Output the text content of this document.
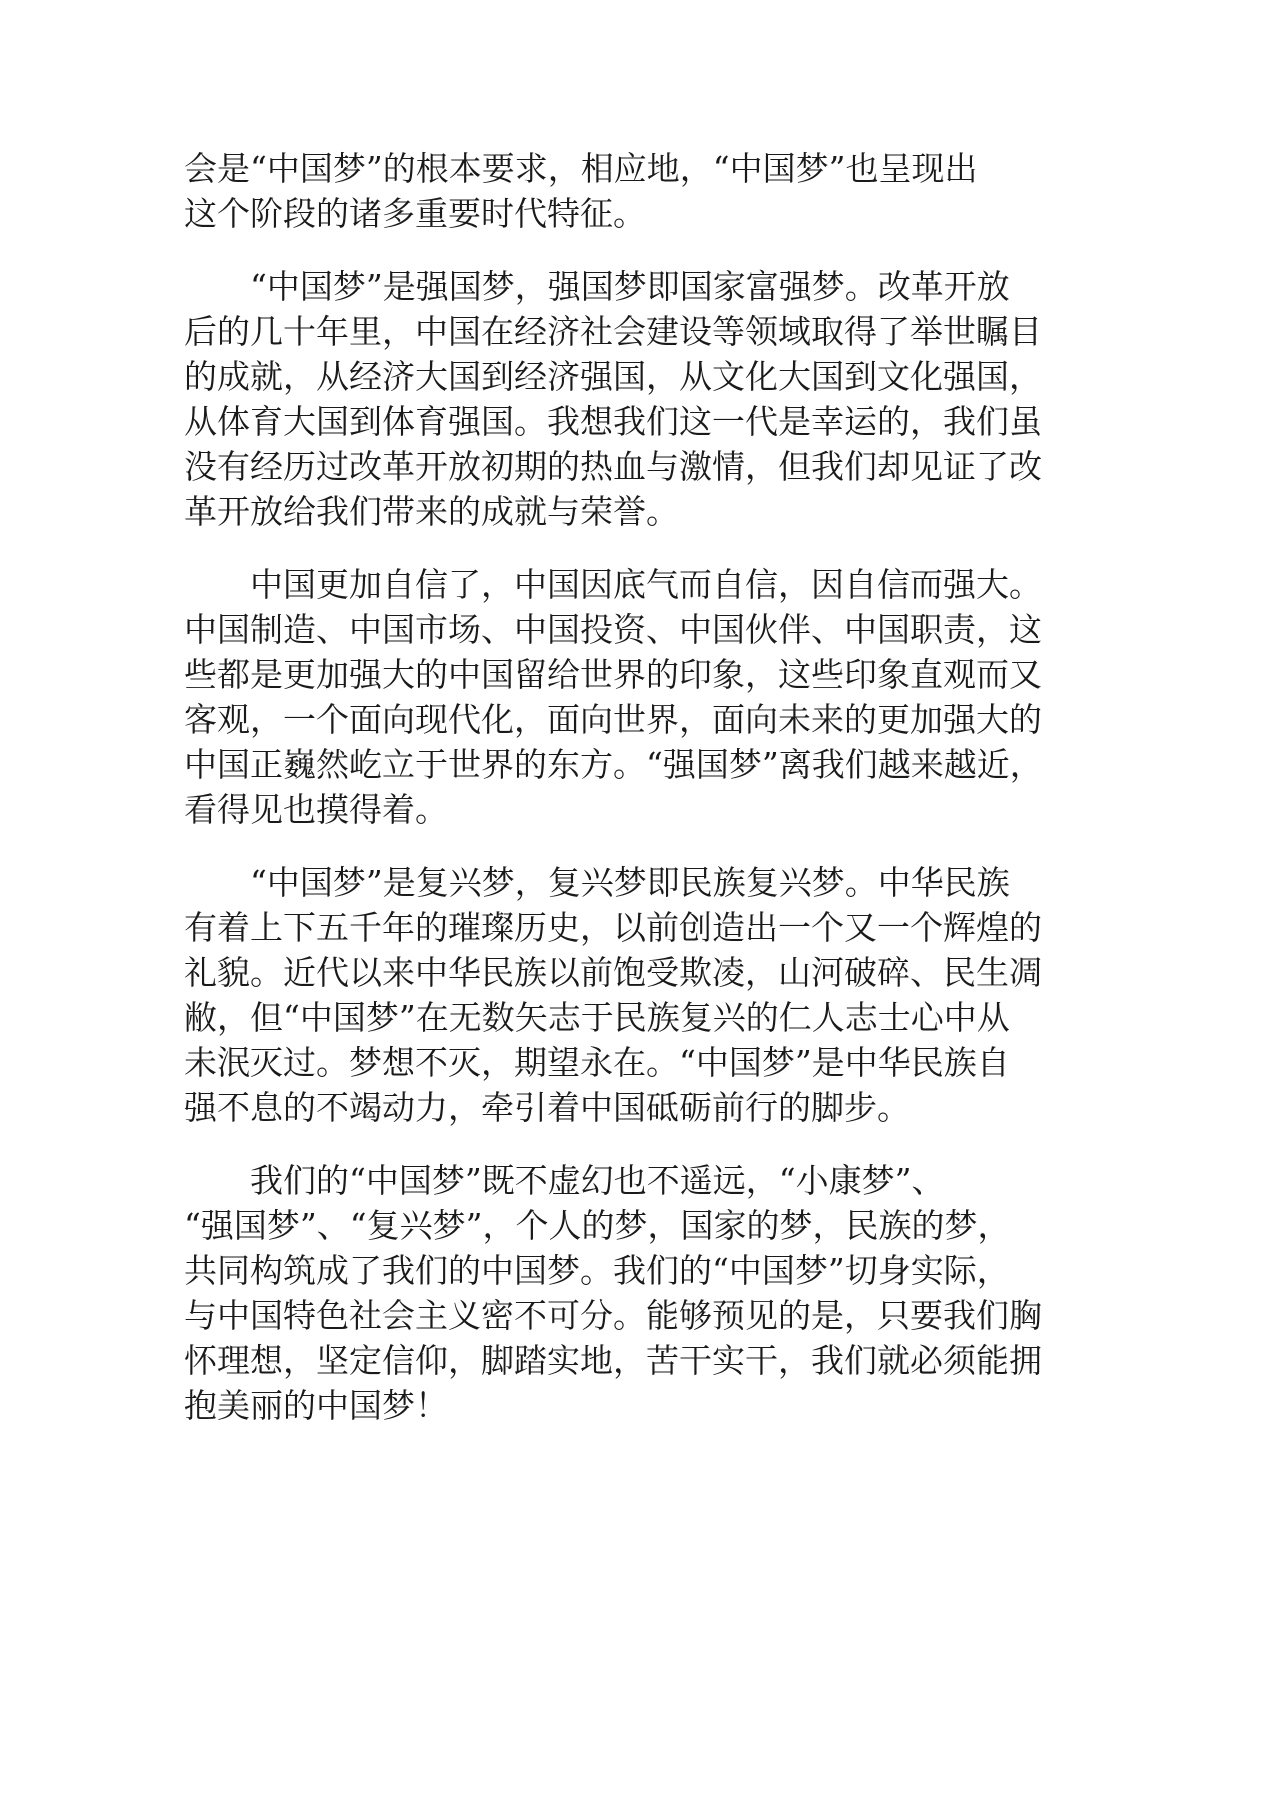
会是“中国梦”的根本要求，相应地，“中国梦”也呈现出
这个阶段的诸多重要时代特征。
“中国梦”是强国梦，强国梦即国家富强梦。改革开放
后的几十年里，中国在经济社会建设等领域取得了举世瞩目
的成就，从经济大国到经济强国，从文化大国到文化强国，
从体育大国到体育强国。我想我们这一代是幸运的，我们虽
没有经历过改革开放初期的热血与激情，但我们却见证了改
革开放给我们带来的成就与荣誉。
中国更加自信了，中国因底气而自信，因自信而强大。
中国制造、中国市场、中国投资、中国伙伴、中国职责，这
些都是更加强大的中国留给世界的印象，这些印象直观而又
客观，一个面向现代化，面向世界，面向未来的更加强大的
中国正巍然屹立于世界的东方。“强国梦”离我们越来越近，
看得见也摸得着。
“中国梦”是复兴梦，复兴梦即民族复兴梦。中华民族
有着上下五千年的璀璨历史，以前创造出一个又一个辉煌的
礼貌。近代以来中华民族以前饱受欺凌，山河破碎、民生凋
敝，但“中国梦”在无数矢志于民族复兴的仁人志士心中从
未泯灭过。梦想不灭，期望永在。“中国梦”是中华民族自
强不息的不竭动力，牵引着中国砥砺前行的脚步。
我们的“中国梦”既不虚幻也不遥远，“小康梦”、
“强国梦”、“复兴梦”，个人的梦，国家的梦，民族的梦，
共同构筑成了我们的中国梦。我们的“中国梦”切身实际，
与中国特色社会主义密不可分。能够预见的是，只要我们胸
怀理想，坚定信仰，脚踏实地，苦干实干，我们就必须能拥
抱美丽的中国梦！
